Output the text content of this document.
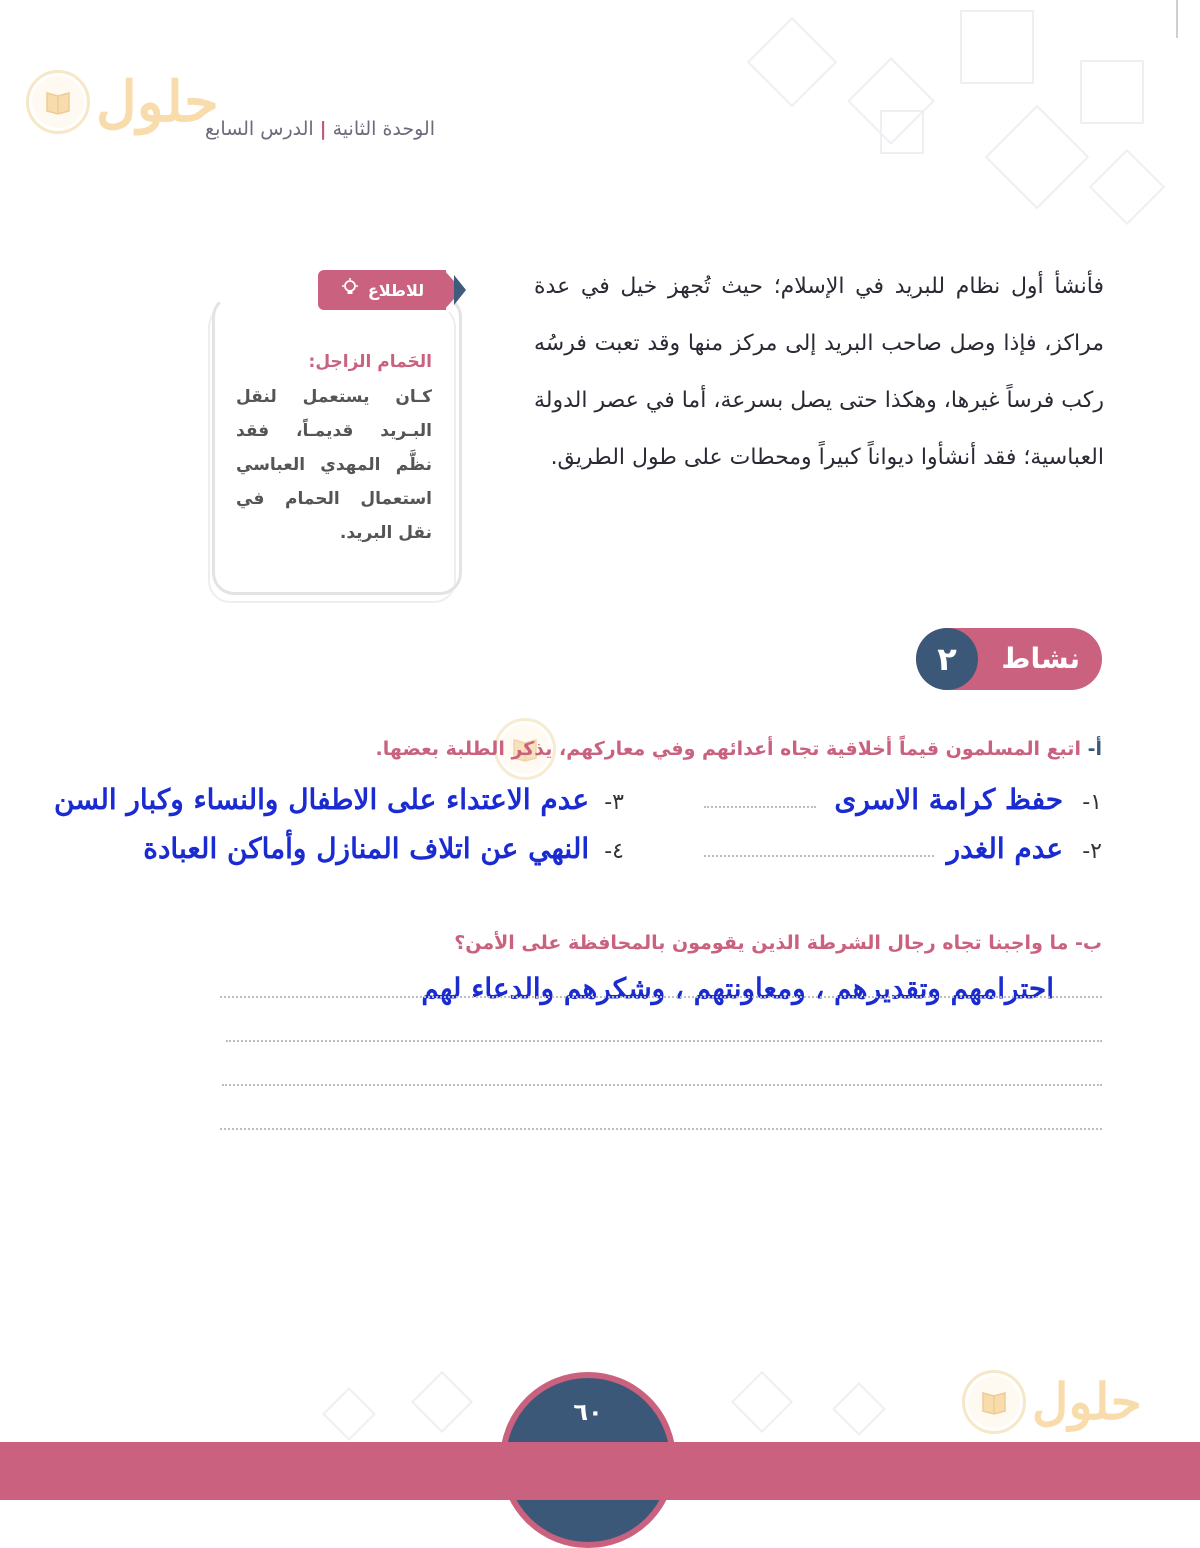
حلول	الوحدة الثانية|الدرس السابع
فأنشأ أول نظام للبريد في الإسلام؛ حيث تُجهز خيل في عدة مراكز، فإذا وصل صاحب البريد إلى مركز منها وقد تعبت فرسُه ركب فرساً غيرها، وهكذا حتى يصل بسرعة، أما في عصر الدولة العباسية؛ فقد أنشأوا ديواناً كبيراً ومحطات على طول الطريق.
للاطلاع
الحَمام الزاجل:
كـان يستعمل لنقل البـريد قديمـاً، فقد نظَّم المهدي العباسي استعمال الحمام في نقل البريد.
نشاط
٢
أ- اتبع المسلمون قيماً أخلاقية تجاه أعدائهم وفي معاركهم، يذكر الطلبة بعضها.
١- حفظ كرامة الاسرى
٢- عدم الغدر
٣- عدم الاعتداء على الاطفال والنساء وكبار السن
٤- النهي عن اتلاف المنازل وأماكن العبادة
ب- ما واجبنا تجاه رجال الشرطة الذين يقومون بالمحافظة على الأمن؟
احترامهم وتقديرهم ، ومعاونتهم ، وشكرهم والدعاء لهم
حلول
٦٠
